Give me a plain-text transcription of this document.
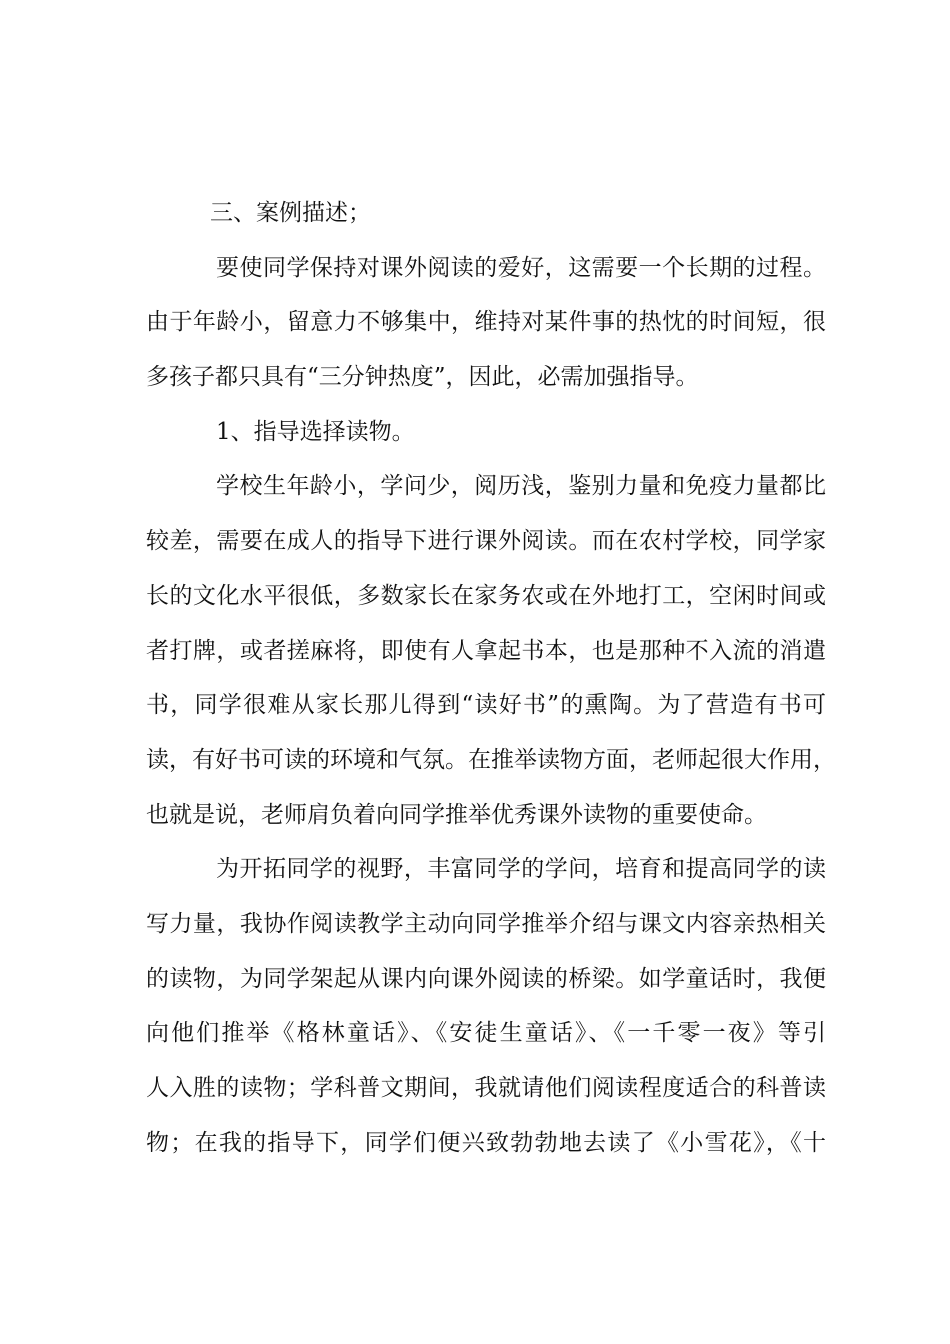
三、案例描述；
要使同学保持对课外阅读的爱好，这需要一个长期的过程。
由于年龄小，留意力不够集中，维持对某件事的热忱的时间短，很
多孩子都只具有“三分钟热度”，因此，必需加强指导。
1、指导选择读物。
学校生年龄小，学问少，阅历浅，鉴别力量和免疫力量都比
较差，需要在成人的指导下进行课外阅读。而在农村学校，同学家
长的文化水平很低，多数家长在家务农或在外地打工，空闲时间或
者打牌，或者搓麻将，即使有人拿起书本，也是那种不入流的消遣
书，同学很难从家长那儿得到“读好书”的熏陶。为了营造有书可
读，有好书可读的环境和气氛。在推举读物方面，老师起很大作用，
也就是说，老师肩负着向同学推举优秀课外读物的重要使命。
为开拓同学的视野，丰富同学的学问，培育和提高同学的读
写力量，我协作阅读教学主动向同学推举介绍与课文内容亲热相关
的读物，为同学架起从课内向课外阅读的桥梁。如学童话时，我便
向他们推举《格林童话》、《安徒生童话》、《一千零一夜》等引
人入胜的读物；学科普文期间，我就请他们阅读程度适合的科普读
物；在我的指导下，同学们便兴致勃勃地去读了《小雪花》，《十
